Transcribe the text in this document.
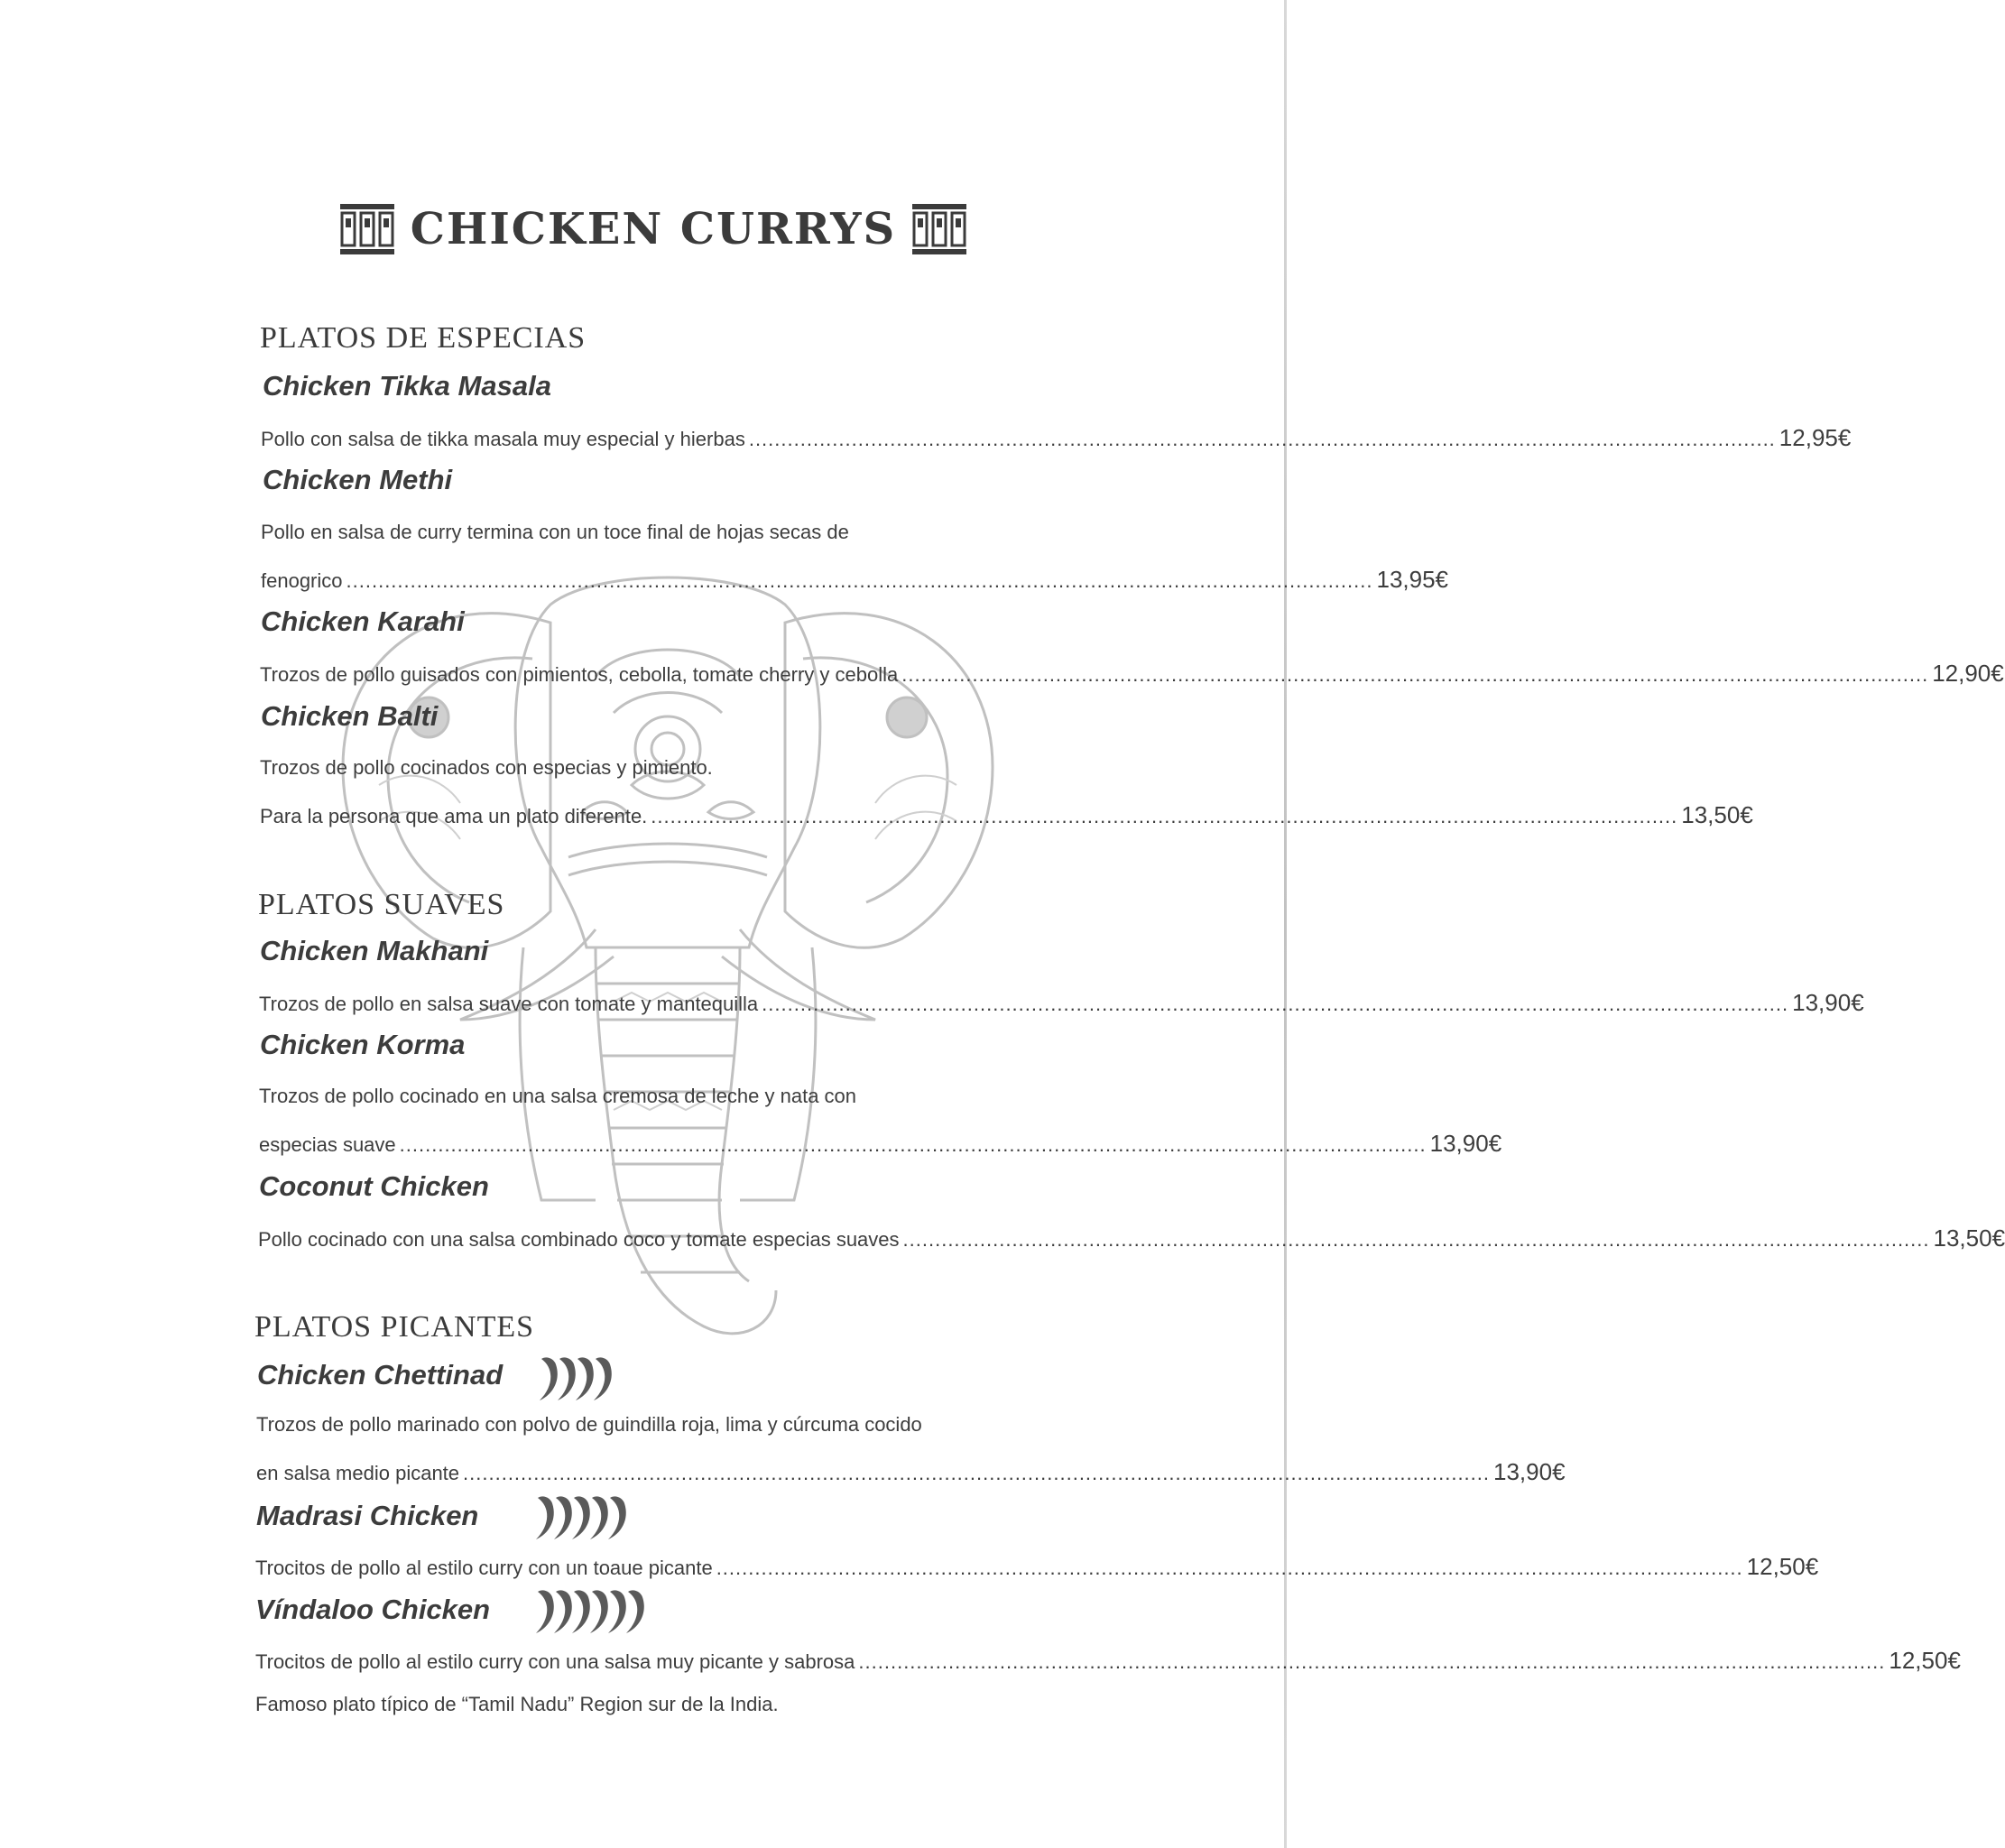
CHICKEN CURRYS
PLATOS DE ESPECIAS
Chicken Tikka Masala
Pollo con salsa de tikka masala muy especial y hierbas ................................................................................................................................................................ 12,95€
Chicken Methi
Pollo en salsa de curry termina con un toce final de hojas secas de
fenogrico ................................................................................................................................................................ 13,95€
Chicken Karahi
Trozos de pollo guisados con pimientos, cebolla, tomate cherry y cebolla ................................................................................................................................................................ 12,90€
Chicken Balti
Trozos de pollo cocinados con especias y pimiento.
Para la persona que ama un plato diferente. ................................................................................................................................................................ 13,50€
PLATOS SUAVES
Chicken Makhani
Trozos de pollo en salsa suave con tomate y mantequilla ................................................................................................................................................................ 13,90€
Chicken Korma
Trozos de pollo cocinado en una salsa cremosa de leche y nata con
especias suave ................................................................................................................................................................ 13,90€
Coconut Chicken
Pollo cocinado con una salsa combinado coco y tomate especias suaves ................................................................................................................................................................ 13,50€
PLATOS PICANTES
Chicken Chettinad
Trozos de pollo marinado con polvo de guindilla roja, lima y cúrcuma cocido
en salsa medio picante ................................................................................................................................................................ 13,90€
Madrasi Chicken
Trocitos de pollo al estilo curry con un toaue picante ................................................................................................................................................................ 12,50€
Víndaloo Chicken
Trocitos de pollo al estilo curry con una salsa muy picante y sabrosa ................................................................................................................................................................ 12,50€
Famoso plato típico de “Tamil Nadu” Region sur de la India.
